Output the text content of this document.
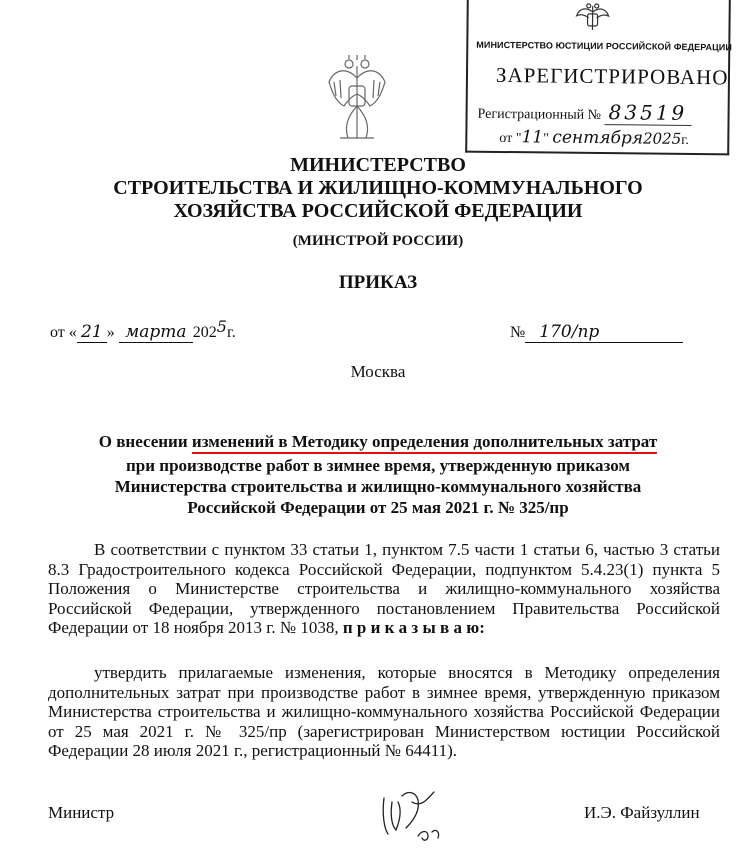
МИНИСТЕРСТВО ЮСТИЦИИ РОССИЙСКОЙ ФЕДЕРАЦИИ
ЗАРЕГИСТРИРОВАНО
Регистрационный № 83519
от "11" сентября2025г.
МИНИСТЕРСТВО
СТРОИТЕЛЬСТВА И ЖИЛИЩНО-КОММУНАЛЬНОГО
ХОЗЯЙСТВА РОССИЙСКОЙ ФЕДЕРАЦИИ
(МИНСТРОЙ РОССИИ)
ПРИКАЗ
от « 21 » марта 2025г.	№ 170/пр
Москва
О внесении изменений в Методику определения дополнительных затрат
при производстве работ в зимнее время, утвержденную приказом
Министерства строительства и жилищно-коммунального хозяйства
Российской Федерации от 25 мая 2021 г. № 325/пр
В соответствии с пунктом 33 статьи 1, пунктом 7.5 части 1 статьи 6, частью 3 статьи 8.3 Градостроительного кодекса Российской Федерации, подпунктом 5.4.23(1) пункта 5 Положения о Министерстве строительства и жилищно-коммунального хозяйства Российской Федерации, утвержденного постановлением Правительства Российской Федерации от 18 ноября 2013 г. № 1038, п р и к а з ы в а ю:
утвердить прилагаемые изменения, которые вносятся в Методику определения дополнительных затрат при производстве работ в зимнее время, утвержденную приказом Министерства строительства и жилищно-коммунального хозяйства Российской Федерации от 25 мая 2021 г. № 325/пр (зарегистрирован Министерством юстиции Российской Федерации 28 июля 2021 г., регистрационный № 64411).
Министр	И.Э. Файзуллин
